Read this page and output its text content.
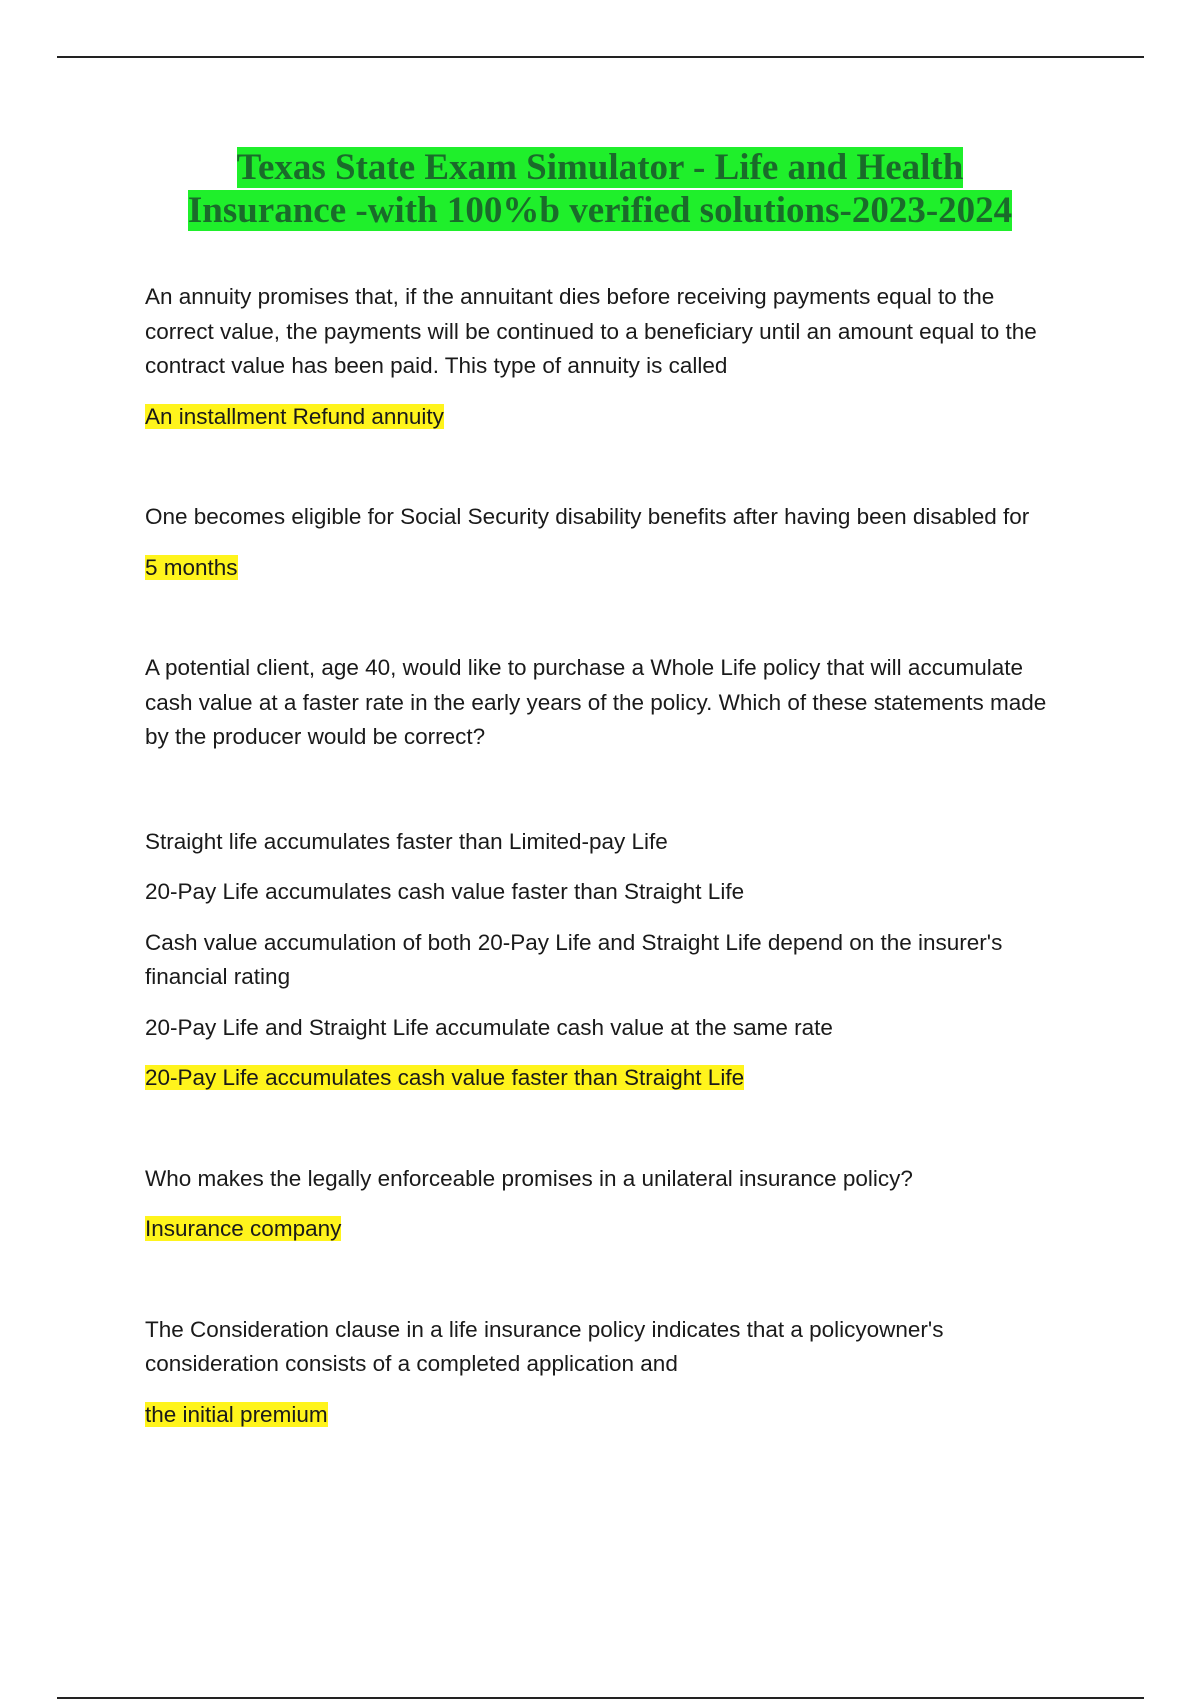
Texas State Exam Simulator - Life and Health
Insurance -with 100%b verified solutions-2023-2024

An annuity promises that, if the annuitant dies before receiving payments equal to the correct value, the payments will be continued to a beneficiary until an amount equal to the contract value has been paid. This type of annuity is called

An installment Refund annuity

One becomes eligible for Social Security disability benefits after having been disabled for

5 months

A potential client, age 40, would like to purchase a Whole Life policy that will accumulate cash value at a faster rate in the early years of the policy. Which of these statements made by the producer would be correct?

Straight life accumulates faster than Limited-pay Life

20-Pay Life accumulates cash value faster than Straight Life

Cash value accumulation of both 20-Pay Life and Straight Life depend on the insurer's financial rating

20-Pay Life and Straight Life accumulate cash value at the same rate

20-Pay Life accumulates cash value faster than Straight Life

Who makes the legally enforceable promises in a unilateral insurance policy?

Insurance company

The Consideration clause in a life insurance policy indicates that a policyowner's consideration consists of a completed application and

the initial premium
